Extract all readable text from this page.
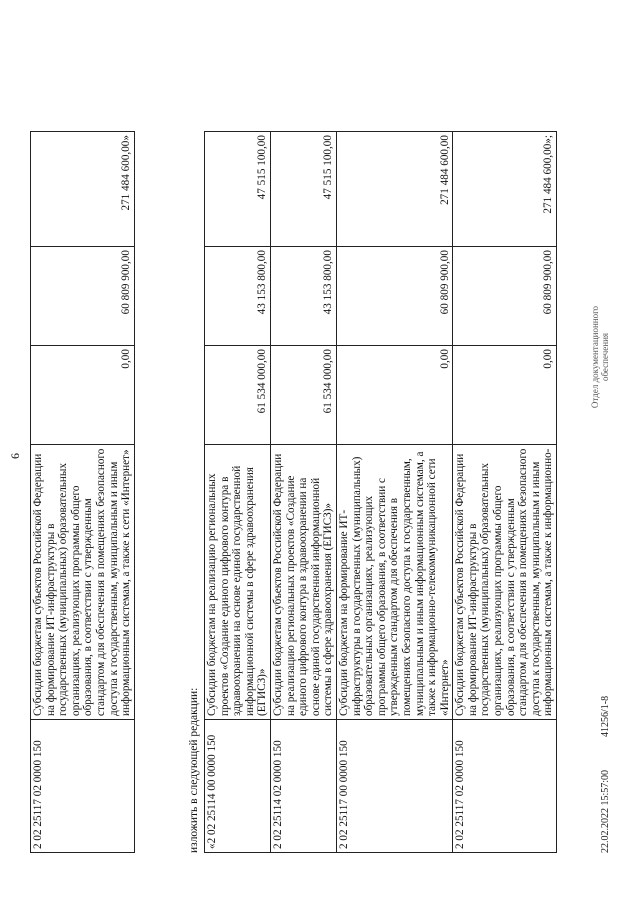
6
2 02 25117 02 0000 150	Субсидии бюджетам субъектов Российской Федерации на формирование ИТ-инфраструктуры в государственных (муниципальных) образовательных организациях, реализующих программы общего образования, в соответствии с утвержденным стандартом для обеспечения в помещениях безопасного доступа к государственным, муниципальным и иным информационным системам, а также к сети «Интернет»	0,00	60 809 900,00	271 484 600,00»
изложить в следующей редакции: «2 02 25114 00 0000 150	Субсидии бюджетам на реализацию региональных проектов «Создание единого цифрового контура в здравоохранении на основе единой государственной информационной системы в сфере здравоохранения (ЕГИСЗ)»	61 534 000,00	43 153 800,00	47 515 100,00
2 02 25114 02 0000 150	Субсидии бюджетам субъектов Российской Федерации на реализацию региональных проектов «Создание единого цифрового контура в здравоохранении на основе единой государственной информационной системы в сфере здравоохранения (ЕГИСЗ)»	61 534 000,00	43 153 800,00	47 515 100,00
2 02 25117 00 0000 150	Субсидии бюджетам на формирование ИТ-инфраструктуры в государственных (муниципальных) образовательных организациях, реализующих программы общего образования, в соответствии с утвержденным стандартом для обеспечения в помещениях безопасного доступа к государственным, муниципальным и иным информационным системам, а также к информационно-телекоммуникационной сети «Интернет»	0,00	60 809 900,00	271 484 600,00
2 02 25117 02 0000 150	Субсидии бюджетам субъектов Российской Федерации на формирование ИТ-инфраструктуры в государственных (муниципальных) образовательных организациях, реализующих программы общего образования, в соответствии с утвержденным стандартом для обеспечения в помещениях безопасного доступа к государственным, муниципальным и иным информационным системам, а также к информационно-	0,00	60 809 900,00	271 484 600,00»;
22.02.2022 15:57:00
41256/1-8
Отдел документационного обеспечения
